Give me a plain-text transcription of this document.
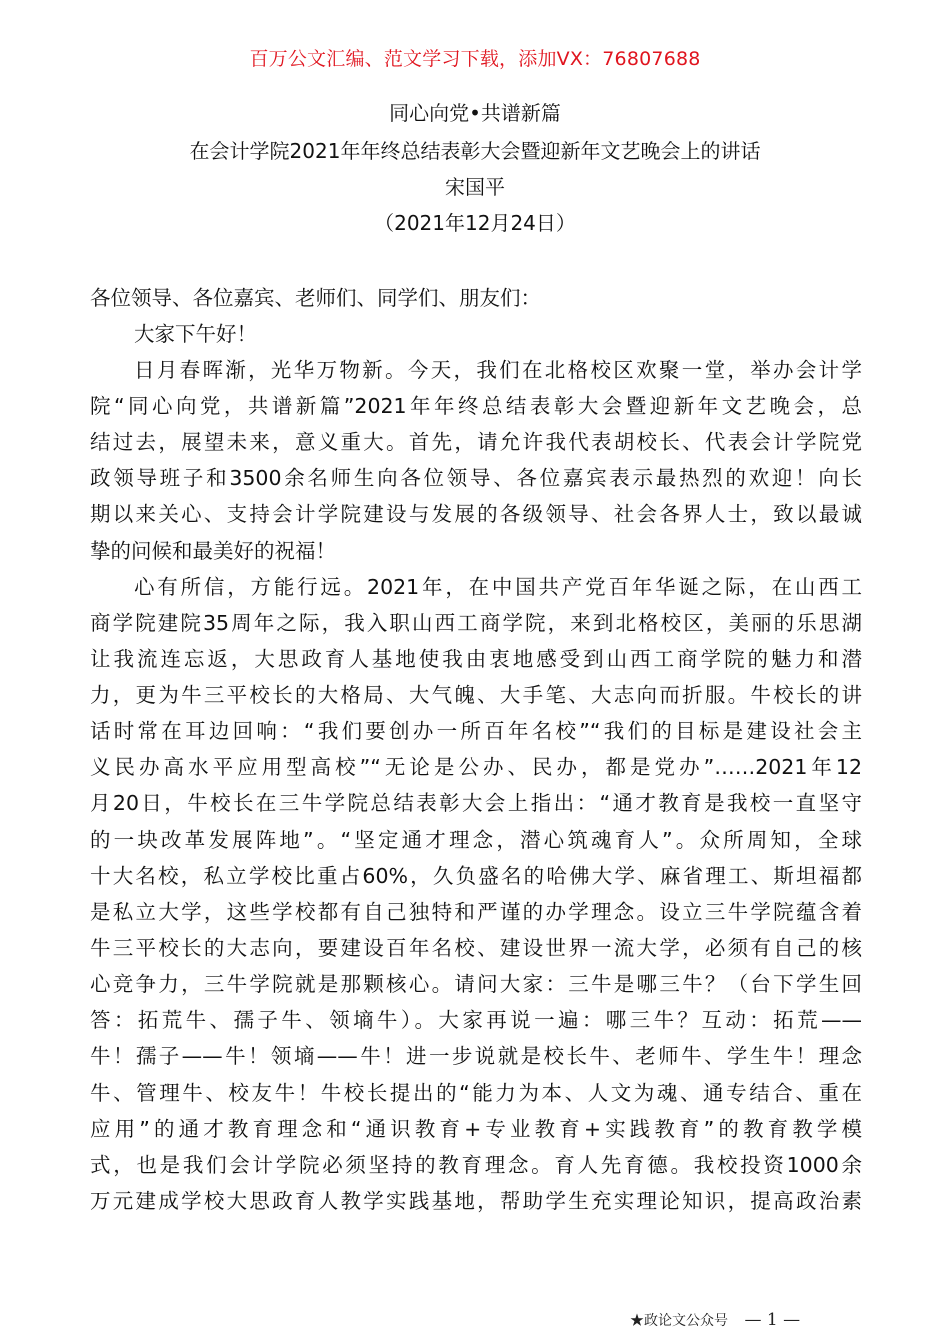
百万公文汇编、范文学习下载，添加VX：76807688
同心向党•共谱新篇
在会计学院2021年年终总结表彰大会暨迎新年文艺晚会上的讲话
宋国平
（2021年12月24日）
各位领导、各位嘉宾、老师们、同学们、朋友们：
大家下午好！
日月春晖渐，光华万物新。今天，我们在北格校区欢聚一堂，举办会计学
院“同心向党，共谱新篇”2021年年终总结表彰大会暨迎新年文艺晚会，总
结过去，展望未来，意义重大。首先，请允许我代表胡校长、代表会计学院党
政领导班子和3500余名师生向各位领导、各位嘉宾表示最热烈的欢迎！向长
期以来关心、支持会计学院建设与发展的各级领导、社会各界人士，致以最诚
挚的问候和最美好的祝福！
心有所信，方能行远。2021年，在中国共产党百年华诞之际，在山西工
商学院建院35周年之际，我入职山西工商学院，来到北格校区，美丽的乐思湖
让我流连忘返，大思政育人基地使我由衷地感受到山西工商学院的魅力和潜
力，更为牛三平校长的大格局、大气魄、大手笔、大志向而折服。牛校长的讲
话时常在耳边回响：“我们要创办一所百年名校”“我们的目标是建设社会主
义民办高水平应用型高校”“无论是公办、民办，都是党办”……2021年12
月20日，牛校长在三牛学院总结表彰大会上指出：“通才教育是我校一直坚守
的一块改革发展阵地”。“坚定通才理念，潜心筑魂育人”。众所周知，全球
十大名校，私立学校比重占60%，久负盛名的哈佛大学、麻省理工、斯坦福都
是私立大学，这些学校都有自己独特和严谨的办学理念。设立三牛学院蕴含着
牛三平校长的大志向，要建设百年名校、建设世界一流大学，必须有自己的核
心竞争力，三牛学院就是那颗核心。请问大家：三牛是哪三牛？（台下学生回
答：拓荒牛、孺子牛、领墒牛）。大家再说一遍：哪三牛？互动：拓荒——
牛！孺子——牛！领墒——牛！进一步说就是校长牛、老师牛、学生牛！理念
牛、管理牛、校友牛！牛校长提出的“能力为本、人文为魂、通专结合、重在
应用”的通才教育理念和“通识教育+专业教育+实践教育”的教育教学模
式，也是我们会计学院必须坚持的教育理念。育人先育德。我校投资1000余
万元建成学校大思政育人教学实践基地，帮助学生充实理论知识，提高政治素
★政论文公众号 — 1 —
